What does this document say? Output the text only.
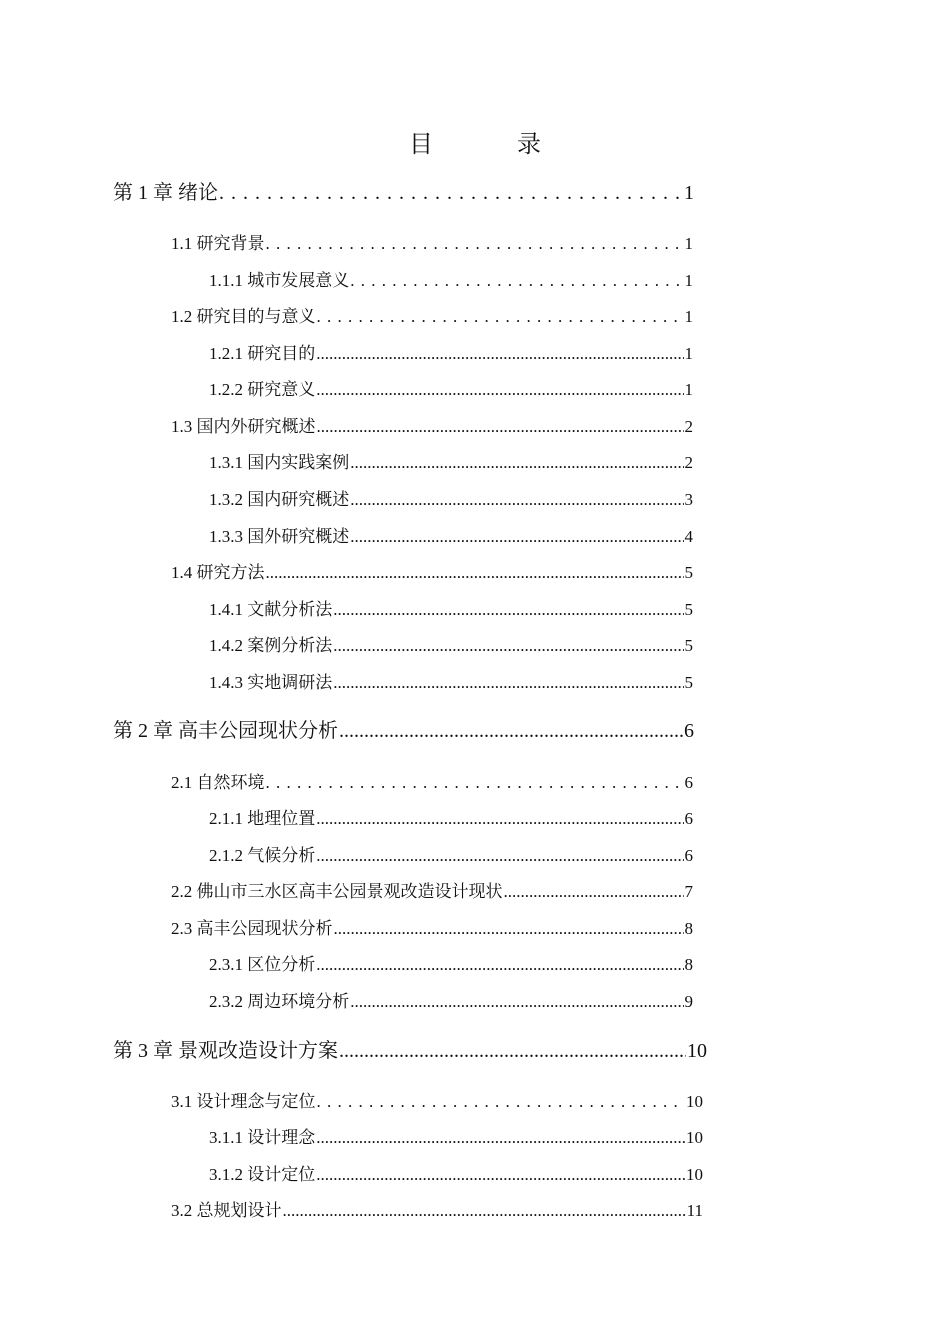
目　录
第 1 章 绪论 . . .	1
1.1 研究背景 . . .	1
1.1.1 城市发展意义 . . .	1
1.2 研究目的与意义 . . .	1
1.2.1 研究目的 .....	1
1.2.2 研究意义 .....	1
1.3 国内外研究概述 .....	2
1.3.1 国内实践案例 .....	2
1.3.2 国内研究概述 .....	3
1.3.3 国外研究概述 .....	4
1.4 研究方法 .....	5
1.4.1 文献分析法 .....	5
1.4.2 案例分析法 .....	5
1.4.3 实地调研法 .....	5
第 2 章 高丰公园现状分析 .....	6
2.1 自然环境 . . .	6
2.1.1 地理位置 .....	6
2.1.2 气候分析 .....	6
2.2 佛山市三水区高丰公园景观改造设计现状 .....	7
2.3 高丰公园现状分析 .....	8
2.3.1 区位分析 .....	8
2.3.2 周边环境分析 .....	9
第 3 章 景观改造设计方案 .....	10
3.1 设计理念与定位 . . .	10
3.1.1 设计理念 .....	10
3.1.2 设计定位 .....	10
3.2 总规划设计 .....	11
